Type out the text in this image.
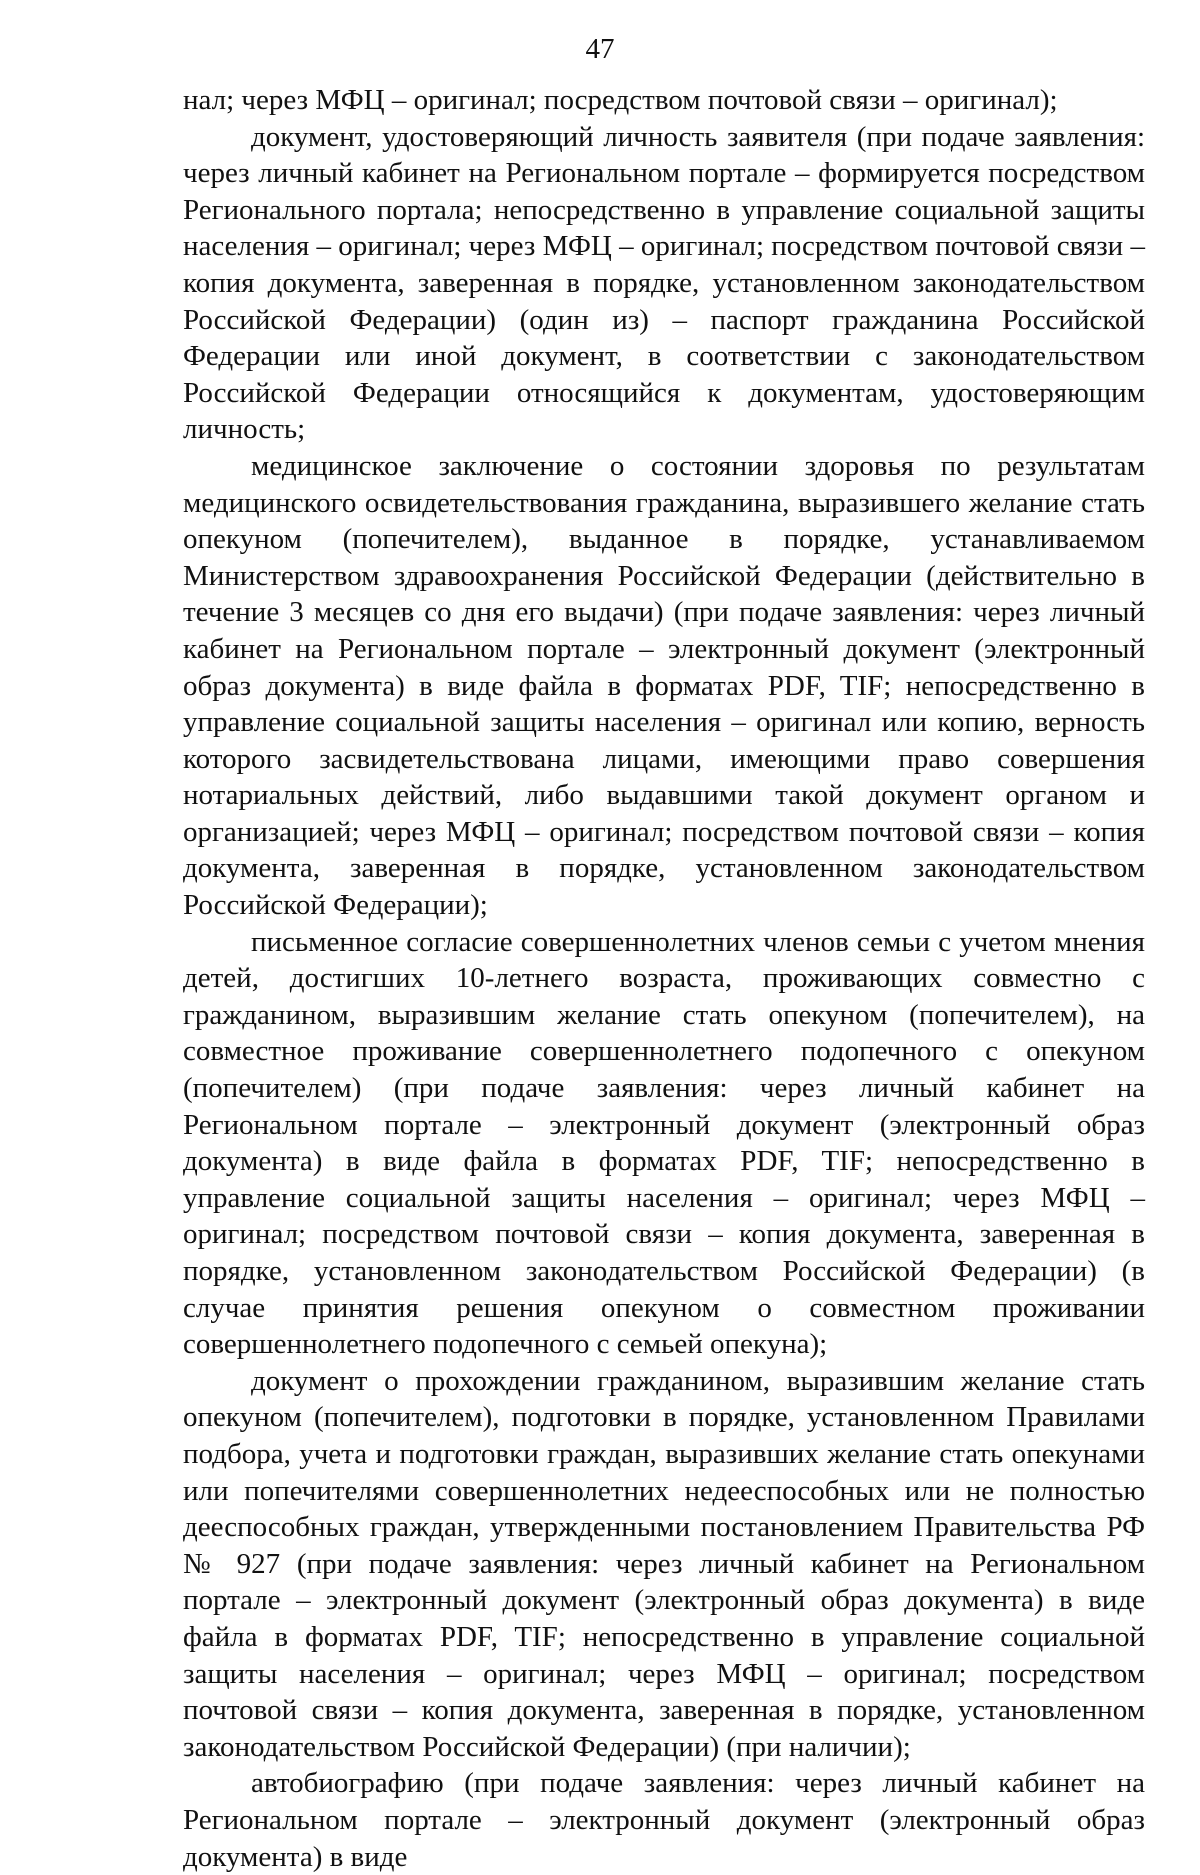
47

нал; через МФЦ – оригинал; посредством почтовой связи – оригинал);

документ, удостоверяющий личность заявителя (при подаче заявления: через личный кабинет на Региональном портале – формируется посредством Регионального портала; непосредственно в управление социальной защиты населения – оригинал; через МФЦ – оригинал; посредством почтовой связи – копия документа, заверенная в порядке, установленном законодательством Российской Федерации) (один из) – паспорт гражданина Российской Федерации или иной документ, в соответствии с законодательством Российской Федерации относящийся к документам, удостоверяющим личность;

медицинское заключение о состоянии здоровья по результатам медицинского освидетельствования гражданина, выразившего желание стать опекуном (попечителем), выданное в порядке, устанавливаемом Министерством здравоохранения Российской Федерации (действительно в течение 3 месяцев со дня его выдачи) (при подаче заявления: через личный кабинет на Региональном портале – электронный документ (электронный образ документа) в виде файла в форматах PDF, TIF; непосредственно в управление социальной защиты населения – оригинал или копию, верность которого засвидетельствована лицами, имеющими право совершения нотариальных действий, либо выдавшими такой документ органом и организацией; через МФЦ – оригинал; посредством почтовой связи – копия документа, заверенная в порядке, установленном законодательством Российской Федерации);

письменное согласие совершеннолетних членов семьи с учетом мнения детей, достигших 10-летнего возраста, проживающих совместно с гражданином, выразившим желание стать опекуном (попечителем), на совместное проживание совершеннолетнего подопечного с опекуном (попечителем) (при подаче заявления: через личный кабинет на Региональном портале – электронный документ (электронный образ документа) в виде файла в форматах PDF, TIF; непосредственно в управление социальной защиты населения – оригинал; через МФЦ – оригинал; посредством почтовой связи – копия документа, заверенная в порядке, установленном законодательством Российской Федерации) (в случае принятия решения опекуном о совместном проживании совершеннолетнего подопечного с семьей опекуна);

документ о прохождении гражданином, выразившим желание стать опекуном (попечителем), подготовки в порядке, установленном Правилами подбора, учета и подготовки граждан, выразивших желание стать опекунами или попечителями совершеннолетних недееспособных или не полностью дееспособных граждан, утвержденными постановлением Правительства РФ № 927 (при подаче заявления: через личный кабинет на Региональном портале – электронный документ (электронный образ документа) в виде файла в форматах PDF, TIF; непосредственно в управление социальной защиты населения – оригинал; через МФЦ – оригинал; посредством почтовой связи – копия документа, заверенная в порядке, установленном законодательством Российской Федерации) (при наличии);

автобиографию (при подаче заявления: через личный кабинет на Региональном портале – электронный документ (электронный образ документа) в виде
